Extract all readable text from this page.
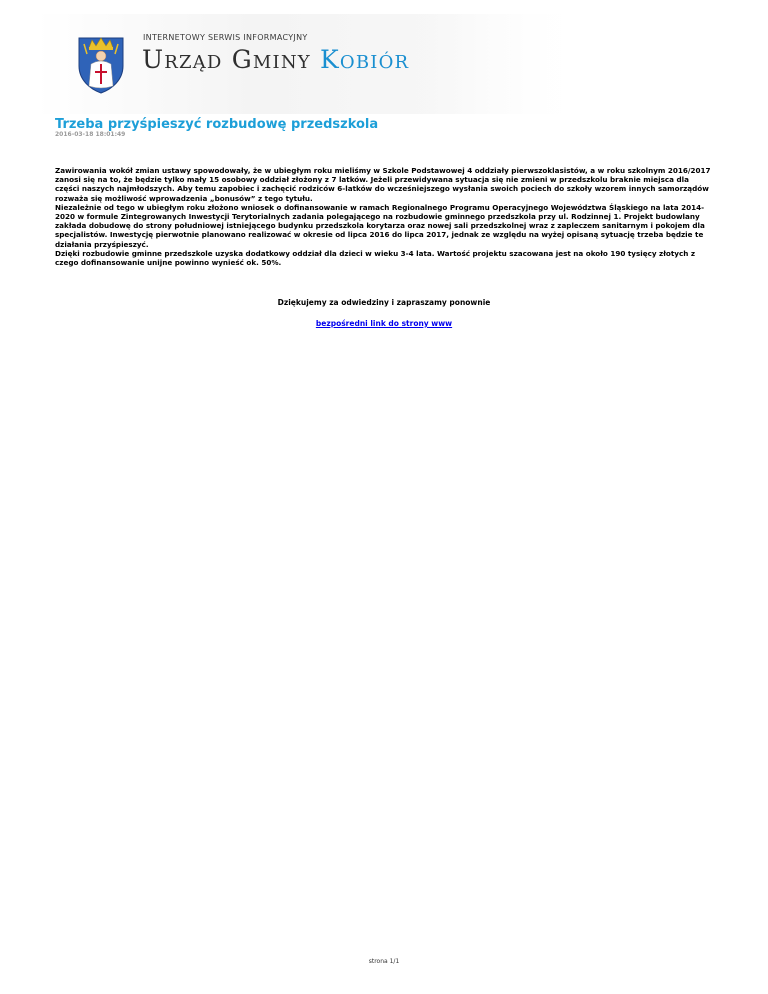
INTERNETOWY SERWIS INFORMACYJNY
Urząd Gminy Kobiór
Trzeba przyśpieszyć rozbudowę przedszkola
2016-03-18 18:01:49

Zawirowania wokół zmian ustawy spowodowały, że w ubiegłym roku mieliśmy w Szkole Podstawowej 4 oddziały pierwszoklasistów, a w roku szkolnym 2016/2017 zanosi się na to, że będzie tylko mały 15 osobowy oddział złożony z 7 latków. Jeżeli przewidywana sytuacja się nie zmieni w przedszkolu braknie miejsca dla części naszych najmłodszych. Aby temu zapobiec i zachęcić rodziców 6-latków do wcześniejszego wysłania swoich pociech do szkoły wzorem innych samorządów rozważa się możliwość wprowadzenia „bonusów” z tego tytułu.

Niezależnie od tego w ubiegłym roku złożono wniosek o dofinansowanie w ramach Regionalnego Programu Operacyjnego Województwa Śląskiego na lata 2014-2020 w formule Zintegrowanych Inwestycji Terytorialnych zadania polegającego na rozbudowie gminnego przedszkola przy ul. Rodzinnej 1. Projekt budowlany zakłada dobudowę do strony południowej istniejącego budynku przedszkola korytarza oraz nowej sali przedszkolnej wraz z zapleczem sanitarnym i pokojem dla specjalistów. Inwestycję pierwotnie planowano realizować w okresie od lipca 2016 do lipca 2017, jednak ze względu na wyżej opisaną sytuację trzeba będzie te działania przyśpieszyć.

Dzięki rozbudowie gminne przedszkole uzyska dodatkowy oddział dla dzieci w wieku 3-4 lata. Wartość projektu szacowana jest na około 190 tysięcy złotych z czego dofinansowanie unijne powinno wynieść ok. 50%.

Dziękujemy za odwiedziny i zapraszamy ponownie
bezpośredni link do strony www
strona 1/1
